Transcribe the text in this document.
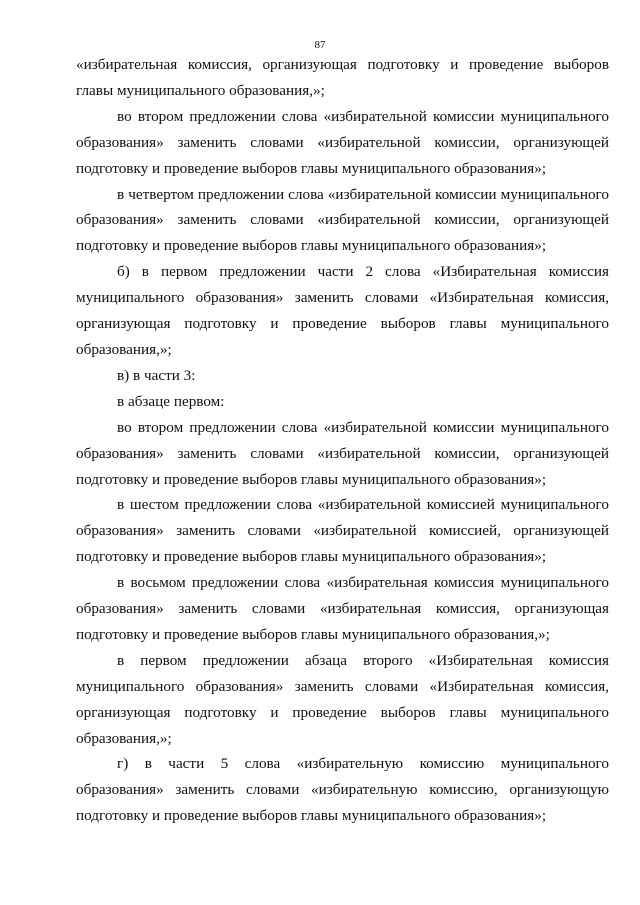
87

«избирательная комиссия, организующая подготовку и проведение выборов главы муниципального образования,»;

во втором предложении слова «избирательной комиссии муниципального образования» заменить словами «избирательной комиссии, организующей подготовку и проведение выборов главы муниципального образования»;

в четвертом предложении слова «избирательной комиссии муниципального образования» заменить словами «избирательной комиссии, организующей подготовку и проведение выборов главы муниципального образования»;

б) в первом предложении части 2 слова «Избирательная комиссия муниципального образования» заменить словами «Избирательная комиссия, организующая подготовку и проведение выборов главы муниципального образования,»;

в) в части 3:

в абзаце первом:

во втором предложении слова «избирательной комиссии муниципального образования» заменить словами «избирательной комиссии, организующей подготовку и проведение выборов главы муниципального образования»;

в шестом предложении слова «избирательной комиссией муниципального образования» заменить словами «избирательной комиссией, организующей подготовку и проведение выборов главы муниципального образования»;

в восьмом предложении слова «избирательная комиссия муниципального образования» заменить словами «избирательная комиссия, организующая подготовку и проведение выборов главы муниципального образования,»;

в первом предложении абзаца второго «Избирательная комиссия муниципального образования» заменить словами «Избирательная комиссия, организующая подготовку и проведение выборов главы муниципального образования,»;

г) в части 5 слова «избирательную комиссию муниципального образования» заменить словами «избирательную комиссию, организующую подготовку и проведение выборов главы муниципального образования»;
